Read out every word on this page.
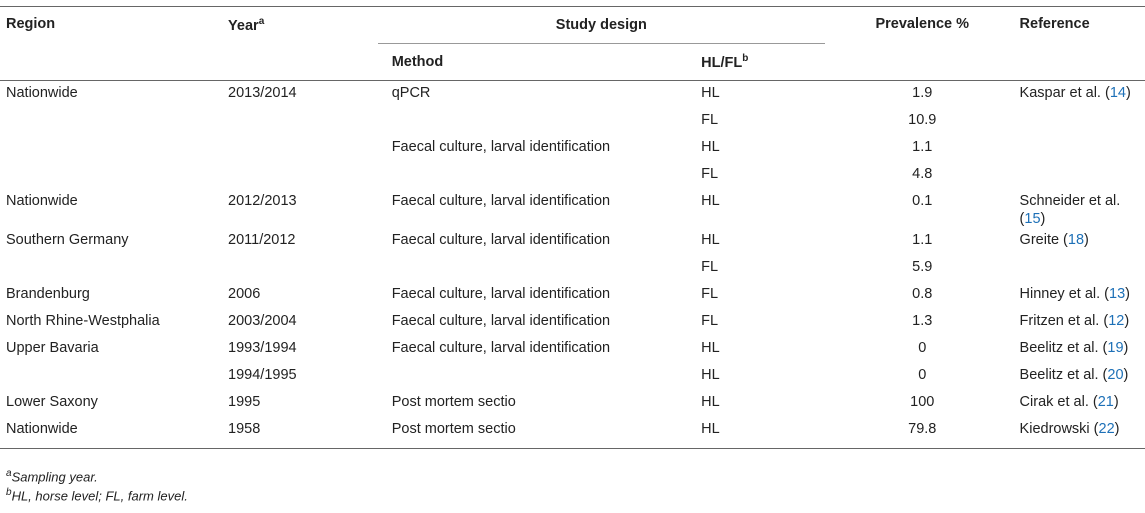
Region	Year$^a$	Study design		Prevalence %	Reference
		Method	$HL/FL^b$
Nationwide	2013/2014	qPCR	HL	1.9	Kaspar et al. (14)
			FL	10.9	
		Faecal culture, larval identification	HL	1.1	
			FL	4.8	
Nationwide	2012/2013	Faecal culture, larval identification	HL	0.1	Schneider et al. (15)
Southern Germany	2011/2012	Faecal culture, larval identification	HL	1.1	Greite (18)
			FL	5.9	
Brandenburg	2006	Faecal culture, larval identification	FL	0.8	Hinney et al. (13)
North Rhine-Westphalia	2003/2004	Faecal culture, larval identification	FL	1.3	Fritzen et al. (12)
Upper Bavaria	1993/1994	Faecal culture, larval identification	HL	0	Beelitz et al. (19)
	1994/1995		HL	0	Beelitz et al. (20)
Lower Saxony	1995	Post mortem sectio	HL	100	Cirak et al. (21)
Nationwide	1958	Post mortem sectio	HL	79.8	Kiedrowski (22)
$^a$Sampling year.
$^b$HL, horse level; FL, farm level.
